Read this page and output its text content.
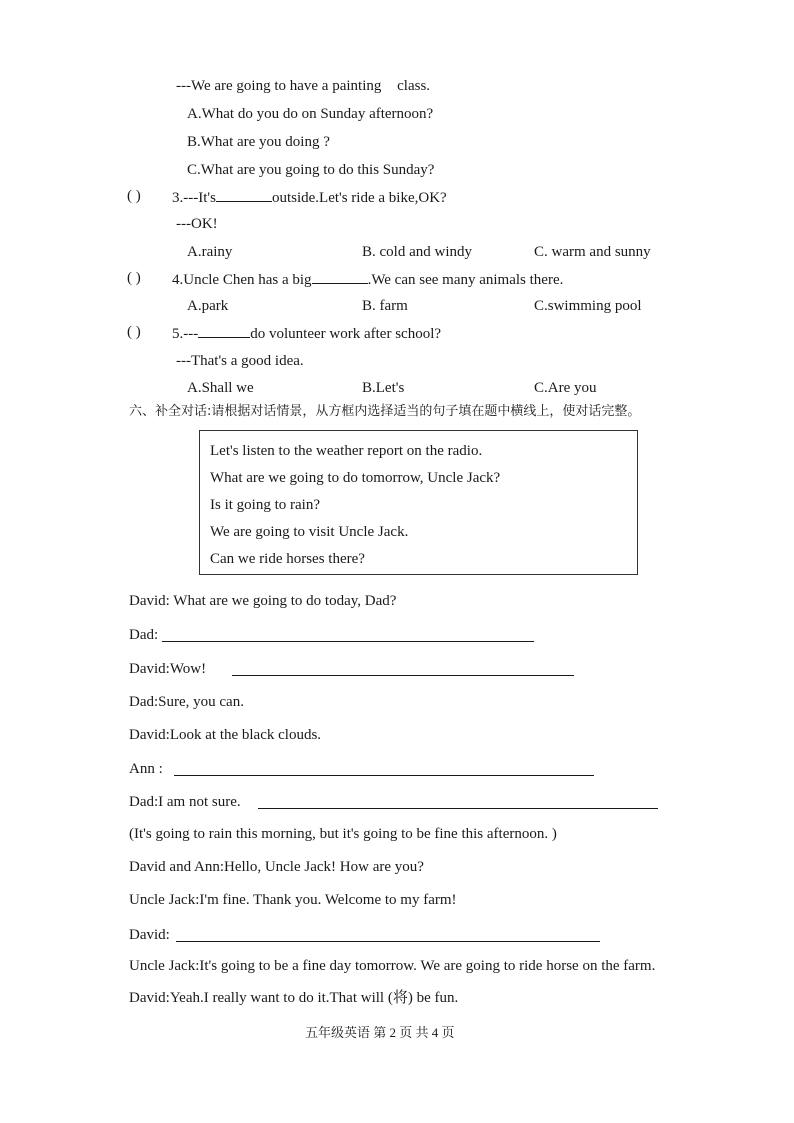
---We are going to have a painting class.
A.What do you do on Sunday afternoon?
B.What are you doing ?
C.What are you going to do this Sunday?
( ) 3.---It's	outside.Let's ride a bike,OK?
---OK!
A.rainy	B. cold and windy	C. warm and sunny
( ) 4.Uncle Chen has a big	.We can see many animals there.
A.park	B. farm	C.swimming pool
( ) 5.---	do volunteer work after school?
---That's a good idea.
A.Shall we	B.Let's	C.Are you
六、补全对话:请根据对话情景，从方框内选择适当的句子填在题中横线上，使对话完整。
Let's listen to the weather report on the radio.
What are we going to do tomorrow, Uncle Jack?
Is it going to rain?
We are going to visit Uncle Jack.
Can we ride horses there?
David: What are we going to do today, Dad?
Dad:
David:Wow!
Dad:Sure, you can.
David:Look at the black clouds.
Ann :
Dad:I am not sure.
(It's going to rain this morning, but it's going to be fine this afternoon. )
David and Ann:Hello, Uncle Jack! How are you?
Uncle Jack:I'm fine. Thank you. Welcome to my farm!
David:
Uncle Jack:It's going to be a fine day tomorrow. We are going to ride horse on the farm.
David:Yeah.I really want to do it.That will (将) be fun.
五年级英语 第 2 页 共 4 页
